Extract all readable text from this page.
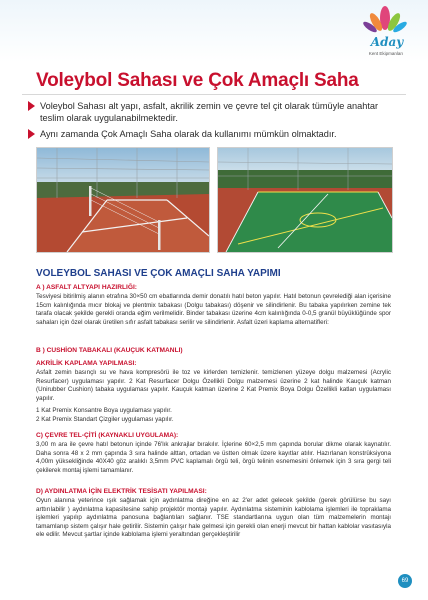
Aday
Kent Ekipmanları
Voleybol Sahası ve Çok Amaçlı Saha
Voleybol Sahası alt yapı, asfalt, akrilik zemin ve çevre tel çit olarak tümüyle anahtar teslim olarak uygulanabilmektedir.
Aynı zamanda Çok Amaçlı Saha olarak da kullanımı mümkün olmaktadır.
VOLEYBOL SAHASI VE ÇOK AMAÇLI SAHA YAPIMI
A ) ASFALT ALTYAPI HAZIRLIĞI:
Tesviyesi bitirilmiş alanın etrafına 30×50 cm ebatlarında demir donatılı hatıl beton yapılır. Hatıl betonun çevrelediği alan içerisine 15cm kalınlığında mıcır blokaj ve plentmix tabakası (Dolgu tabakası) döşenir ve silindirlenir. Bu tabaka yapılırken zemine tek tarafa olacak şekilde gerekli oranda eğim verilmelidir. Binder tabakası üzerine 4cm kalınlığında 0-0,5 granül büyüklüğünde spor sahaları için özel olarak üretilen sıfır asfalt tabakası serilir ve silindirlenir. Asfalt üzeri kaplama alternatifleri:
B ) CUSHİON TABAKALI (KAUÇUK KATMANLI)
AKRİLİK KAPLAMA YAPILMASI:
Asfalt zemin basınçlı su ve hava kompresörü ile toz ve kirlerden temizlenir. temizlenen yüzeye dolgu malzemesi (Acrylic Resurfacer) uygulaması yapılır. 2 Kat Resurfacer Dolgu Özellikli Dolgu malzemesi üzerine 2 kat halinde Kauçuk katman (Unirubber Cushion) tabaka uygulaması yapılır. Kauçuk katman üzerine 2 Kat Premix Boya Dolgu Özellikli katları uygulaması yapılır.
1 Kat Premix Konsantre Boya uygulaması yapılır.
2 Kat Premix Standart Çizgiler uygulaması yapılır.
C) ÇEVRE TEL-ÇİTİ (KAYNAKLI UYGULAMA):
3,00 m ara ile çevre hatıl betonun içinde 76'lık ankrajlar bırakılır. İçlerine 60×2,5 mm çapında borular dikme olarak kaynatılır. Daha sonra 48 x 2 mm çapında 3 sıra halinde alttan, ortadan ve üstten olmak üzere kayıtlar atılır. Hazırlanan konstrüksiyona 4,00m yüksekliğinde 40X40 göz aralıklı 3,5mm PVC kaplamalı örgü teli, örgü telinin esnemesini önlemek için 3 sıra gergi teli çekilerek montaj işlemi tamamlanır.
D) AYDINLATMA İÇİN ELEKTRİK TESİSATI YAPILMASI:
Oyun alanına yeterince ışık sağlamak için aydınlatma direğine en az 2'er adet gelecek şekilde (gerek görülürse bu sayı arttırılabilir ) aydınlatma kapasitesine sahip projektör montajı yapılır. Aydınlatma sisteminin kablolama işlemleri ile topraklama işlemleri yapılıp aydınlatma panosuna bağlantıları sağlanır. TSE standartlarına uygun olan tüm malzemelerin montajı tamamlanıp sistem çalışır hale getirilir. Sistemin çalışır hale gelmesi için gerekli olan enerji mevcut bir hattan kablolar vasıtasıyla ele edilir. Mevcut şartlar içinde kablolama işlemi yeraltından gerçekleştirilir
69
